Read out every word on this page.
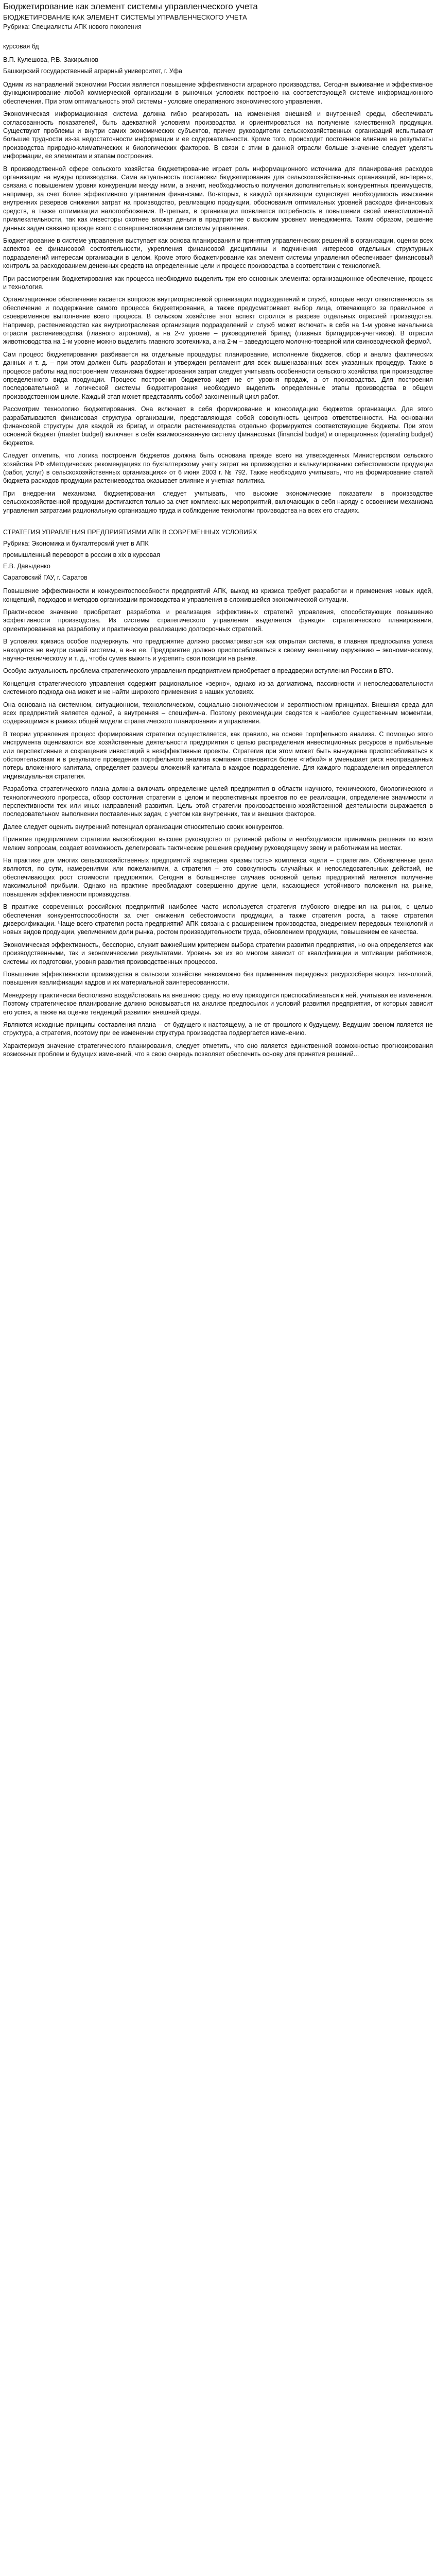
Бюджетирование как элемент системы управленческого учета
БЮДЖЕТИРОВАНИЕ КАК ЭЛЕМЕНТ СИСТЕМЫ УПРАВЛЕНЧЕСКОГО УЧЕТА
Рубрика: Специалисты АПК нового поколения
курсовая бд
В.П. Кулешова, Р.В. Закирьянов
Башкирский государственный аграрный университет, г. Уфа

Одним из направлений экономики России является повышение эффективности аграрного производства. Сегодня выживание и эффективное функционирование любой коммерческой организации в рыночных условиях построено на соответствующей системе информационного обеспечения. При этом оптимальность этой системы - условие оперативного экономического управления.

Экономическая информационная система должна гибко реагировать на изменения внешней и внутренней среды, обеспечивать согласованность показателей, быть адекватной условиям производства и ориентироваться на получение качественной продукции. Существуют проблемы и внутри самих экономических субъектов, причем руководители сельскохозяйственных организаций испытывают большие трудности из-за недостаточности информации и ее содержательности. Кроме того, происходит постоянное влияние на результаты производства природно-климатических и биологических факторов. В связи с этим в данной отрасли больше значение следует уделять информации, ее элементам и этапам построения.

В производственной сфере сельского хозяйства бюджетирование играет роль информационного источника для планирования расходов организации на нужды производства. Сама актуальность постановки бюджетирования для сельскохозяйственных организаций, во-первых, связана с повышением уровня конкуренции между ними, а значит, необходимостью получения дополнительных конкурентных преимуществ, например, за счет более эффективного управления финансами. Во-вторых, в каждой организации существует необходимость изыскания внутренних резервов снижения затрат на производство, реализацию продукции, обоснования оптимальных уровней расходов финансовых средств, а также оптимизации налогообложения. В-третьих, в организации появляется потребность в повышении своей инвестиционной привлекательности, так как инвесторы охотнее вложат деньги в предприятие с высоким уровнем менеджмента. Таким образом, решение данных задач связано прежде всего с совершенствованием системы управления.

Бюджетирование в системе управления выступает как основа планирования и принятия управленческих решений в организации, оценки всех аспектов ее финансовой состоятельности, укрепления финансовой дисциплины и подчинения интересов отдельных структурных подразделений интересам организации в целом. Кроме этого бюджетирование как элемент системы управления обеспечивает финансовый контроль за расходованием денежных средств на определенные цели и процесс производства в соответствии с технологией.

При рассмотрении бюджетирования как процесса необходимо выделить три его основных элемента: организационное обеспечение, процесс и технология.

Организационное обеспечение касается вопросов внутриотраслевой организации подразделений и служб, которые несут ответственность за обеспечение и поддержание самого процесса бюджетирования, а также предусматривает выбор лица, отвечающего за правильное и своевременное выполнение всего процесса. В сельском хозяйстве этот аспект строится в разрезе отдельных отраслей производства. Например, растениеводство как внутриотраслевая организация подразделений и служб может включать в себя на 1-м уровне начальника отрасли растениеводства (главного агронома), а на 2-м уровне – руководителей бригад (главных бригадиров-учетчиков). В отрасли животноводства на 1-м уровне можно выделить главного зоотехника, а на 2-м – заведующего молочно-товарной или свиноводческой фермой.

Сам процесс бюджетирования разбивается на отдельные процедуры: планирование, исполнение бюджетов, сбор и анализ фактических данных и т. д. – при этом должен быть разработан и утвержден регламент для всех вышеназванных всех указанных процедур. Также в процессе работы над построением механизма бюджетирования затрат следует учитывать особенности сельского хозяйства при производстве определенного вида продукции. Процесс построения бюджетов идет не от уровня продаж, а от производства. Для построения последовательной и логической системы бюджетирования необходимо выделить определенные этапы производства в общем производственном цикле. Каждый этап может представлять собой законченный цикл работ.

Рассмотрим технологию бюджетирования. Она включает в себя формирование и консолидацию бюджетов организации. Для этого разрабатываются финансовая структура организации, представляющая собой совокупность центров ответственности. На основании финансовой структуры для каждой из бригад и отрасли растениеводства отдельно формируются соответствующие бюджеты. При этом основной бюджет (master budget) включает в себя взаимосвязанную систему финансовых (financial budget) и операционных (operating budget) бюджетов.

Следует отметить, что логика построения бюджетов должна быть основана прежде всего на утвержденных Министерством сельского хозяйства РФ «Методических рекомендациях по бухгалтерскому учету затрат на производство и калькулированию себестоимости продукции (работ, услуг) в сельскохозяйственных организациях» от 6 июня 2003 г. № 792. Также необходимо учитывать, что на формирование статей бюджета расходов продукции растениеводства оказывает влияние и учетная политика.

При внедрении механизма бюджетирования следует учитывать, что высокие экономические показатели в производстве сельскохозяйственной продукции достигаются только за счет комплексных мероприятий, включающих в себя наряду с освоением механизма управления затратами рациональную организацию труда и соблюдение технологии производства на всех его стадиях.

СТРАТЕГИЯ УПРАВЛЕНИЯ ПРЕДПРИЯТИЯМИ АПК В СОВРЕМЕННЫХ УСЛОВИЯХ
Рубрика: Экономика и бухгалтерский учет в АПК
промышленный переворот в россии в xix в курсовая
Е.В. Давыденко
Саратовский ГАУ, г. Саратов

Повышение эффективности и конкурентоспособности предприятий АПК, выход из кризиса требует разработки и применения новых идей, концепций, подходов и методов организации производства и управления в сложившейся экономической ситуации.

Практическое значение приобретает разработка и реализация эффективных стратегий управления, способствующих повышению эффективности производства. Из системы стратегического управления выделяется функция стратегического планирования, ориентированная на разработку и практическую реализацию долгосрочных стратегий.

В условиях кризиса особое подчеркнуть, что предприятие должно рассматриваться как открытая система, в главная предпосылка успеха находится не внутри самой системы, а вне ее. Предприятие должно приспосабливаться к своему внешнему окружению – экономическому, научно-техническому и т. д., чтобы сумев выжить и укрепить свои позиции на рынке.

Особую актуальность проблема стратегического управления предприятием приобретает в преддверии вступления России в ВТО.

Концепция стратегического управления содержит рациональное «зерно», однако из-за догматизма, пассивности и непоследовательности системного подхода она может и не найти широкого применения в наших условиях.

Она основана на системном, ситуационном, технологическом, социально-экономическом и вероятностном принципах. Внешняя среда для всех предприятий является единой, а внутренняя – специфична. Поэтому рекомендации сводятся к наиболее существенным моментам, содержащимся в рамках общей модели стратегического планирования и управления.

В теории управления процесс формирования стратегии осуществляется, как правило, на основе портфельного анализа. С помощью этого инструмента оцениваются все хозяйственные деятельности предприятия с целью распределения инвестиционных ресурсов в прибыльные или перспективные и сокращения инвестиций в неэффективные проекты. Стратегия при этом может быть вынуждена приспосабливаться к обстоятельствам и в результате проведения портфельного анализа компания становится более «гибкой» и уменьшает риск неоправданных потерь вложенного капитала, определяет размеры вложений капитала в каждое подразделение. Для каждого подразделения определяется индивидуальная стратегия.

Разработка стратегического плана должна включать определение целей предприятия в области научного, технического, биологического и технологического прогресса, обзор состояния стратегии в целом и перспективных проектов по ее реализации, определение значимости и перспективности тех или иных направлений развития. Цель этой стратегии производственно-хозяйственной деятельности выражается в последовательном выполнении поставленных задач, с учетом как внутренних, так и внешних факторов.

Далее следует оценить внутренний потенциал организации относительно своих конкурентов.

Принятие предприятием стратегии высвобождает высшее руководство от рутинной работы и необходимости принимать решения по всем мелким вопросам, создает возможность делегировать тактические решения среднему руководящему звену и работникам на местах.

На практике для многих сельскохозяйственных предприятий характерна «размытость» комплекса «цели – стратегии». Объявленные цели являются, по сути, намерениями или пожеланиями, а стратегия – это совокупность случайных и непоследовательных действий, не обеспечивающих рост стоимости предприятия. Сегодня в большинстве случаев основной целью предприятий является получение максимальной прибыли. Однако на практике преобладают совершенно другие цели, касающиеся устойчивого положения на рынке, повышения эффективности производства.

В практике современных российских предприятий наиболее часто используется стратегия глубокого внедрения на рынок, с целью обеспечения конкурентоспособности за счет снижения себестоимости продукции, а также стратегия роста, а также стратегия диверсификации. Чаще всего стратегия роста предприятий АПК связана с расширением производства, внедрением передовых технологий и новых видов продукции, увеличением доли рынка, ростом производительности труда, обновлением продукции, повышением ее качества.

Экономическая эффективность, бесспорно, служит важнейшим критерием выбора стратегии развития предприятия, но она определяется как производственными, так и экономическими результатами. Уровень же их во многом зависит от квалификации и мотивации работников, системы их подготовки, уровня развития производственных процессов.

Повышение эффективности производства в сельском хозяйстве невозможно без применения передовых ресурсосберегающих технологий, повышения квалификации кадров и их материальной заинтересованности.

Менеджеру практически бесполезно воздействовать на внешнюю среду, но ему приходится приспосабливаться к ней, учитывая ее изменения. Поэтому стратегическое планирование должно основываться на анализе предпосылок и условий развития предприятия, от которых зависит его успех, а также на оценке тенденций развития внешней среды.

Являются исходные принципы составления плана – от будущего к настоящему, а не от прошлого к будущему. Ведущим звеном является не структура, а стратегия, поэтому при ее изменении структура производства подвергается изменению.

Характеризуя значение стратегического планирования, следует отметить, что оно является единственной возможностью прогнозирования возможных проблем и будущих изменений, что в свою очередь позволяет обеспечить основу для принятия решений...
